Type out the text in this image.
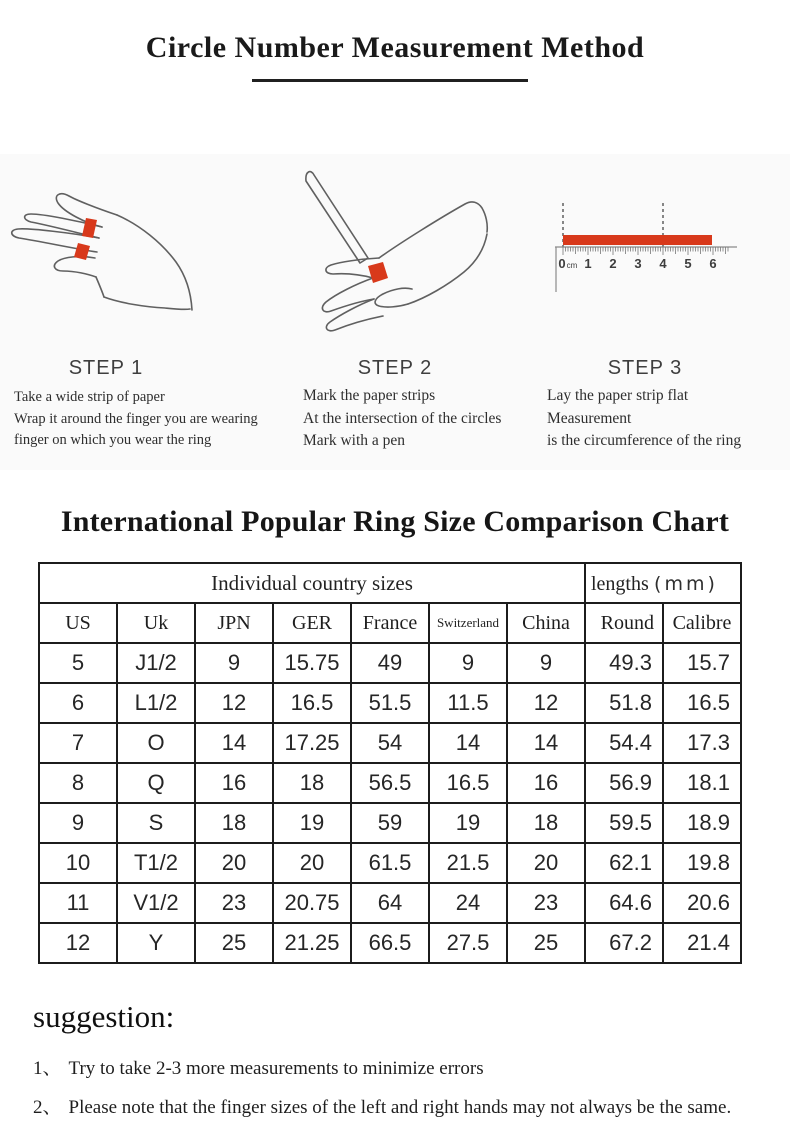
Circle Number Measurement Method
0 cm 1 2 3 4 5 6
STEP 1	STEP 2	STEP 3
Take a wide strip of paper
Wrap it around the finger you are wearing
finger on which you wear the ring
Mark the paper strips
At the intersection of the circles
Mark with a pen
Lay the paper strip flat
Measurement
is the circumference of the ring
International Popular Ring Size Comparison Chart
Individual country sizes							lengths (mm)	
US	Uk	JPN	GER	France	Switzerland	China	Round	Calibre
5	J1/2	9	15.75	49	9	9	49.3	15.7
6	L1/2	12	16.5	51.5	11.5	12	51.8	16.5
7	O	14	17.25	54	14	14	54.4	17.3
8	Q	16	18	56.5	16.5	16	56.9	18.1
9	S	18	19	59	19	18	59.5	18.9
10	T1/2	20	20	61.5	21.5	20	62.1	19.8
11	V1/2	23	20.75	64	24	23	64.6	20.6
12	Y	25	21.25	66.5	27.5	25	67.2	21.4
suggestion:
1、 Try to take 2-3 more measurements to minimize errors
2、 Please note that the finger sizes of the left and right hands may not always be the same.
